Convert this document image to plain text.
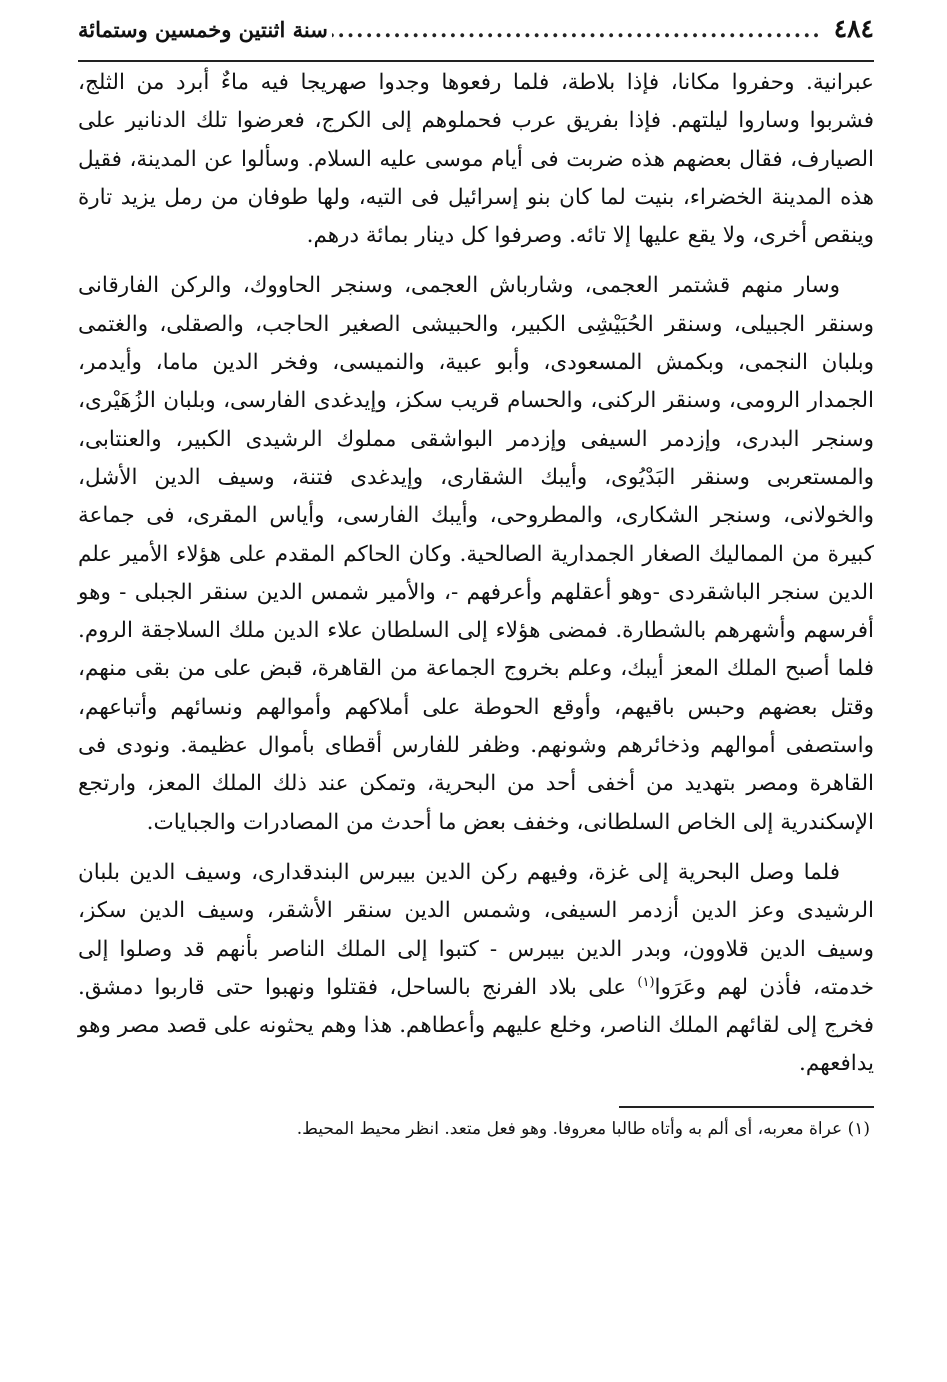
٤٨٤
.....
سنة اثنتين وخمسين وستمائة

عبرانية. وحفروا مكانا، فإذا بلاطة، فلما رفعوها وجدوا صهريجا فيه ماءٌ أبرد من الثلج، فشربوا وساروا ليلتهم. فإذا بفريق عرب فحملوهم إلى الكرج، فعرضوا تلك الدنانير على الصيارف، فقال بعضهم هذه ضربت فى أيام موسى عليه السلام. وسألوا عن المدينة، فقيل هذه المدينة الخضراء، بنيت لما كان بنو إسرائيل فى التيه، ولها طوفان من رمل يزيد تارة وينقص أخرى، ولا يقع عليها إلا تائه. وصرفوا كل دينار بمائة درهم.

وسار منهم قشتمر العجمى، وشارباش العجمى، وسنجر الحاووك، والركن الفارقانى وسنقر الجبيلى، وسنقر الحُبَيْشِى الكبير، والحبيشى الصغير الحاجب، والصقلى، والغتمى وبلبان النجمى، وبكمش المسعودى، وأبو عبية، والنميسى، وفخر الدين ماما، وأيدمر، الجمدار الرومى، وسنقر الركنى، والحسام قريب سكز، وإيدغدى الفارسى، وبلبان الزُهَيْرى، وسنجر البدرى، وإزدمر السيفى وإزدمر البواشقى مملوك الرشيدى الكبير، والعنتابى، والمستعربى وسنقر البَدْيُوى، وأيبك الشقارى، وإيدغدى فتنة، وسيف الدين الأشل، والخولانى، وسنجر الشكارى، والمطروحى، وأيبك الفارسى، وأياس المقرى، فى جماعة كبيرة من المماليك الصغار الجمدارية الصالحية. وكان الحاكم المقدم على هؤلاء الأمير علم الدين سنجر الباشقردى -وهو أعقلهم وأعرفهم -، والأمير شمس الدين سنقر الجبلى - وهو أفرسهم وأشهرهم بالشطارة. فمضى هؤلاء إلى السلطان علاء الدين ملك السلاجقة الروم. فلما أصبح الملك المعز أيبك، وعلم بخروج الجماعة من القاهرة، قبض على من بقى منهم، وقتل بعضهم وحبس باقيهم، وأوقع الحوطة على أملاكهم وأموالهم ونسائهم وأتباعهم، واستصفى أموالهم وذخائرهم وشونهم. وظفر للفارس أقطاى بأموال عظيمة. ونودى فى القاهرة ومصر بتهديد من أخفى أحد من البحرية، وتمكن عند ذلك الملك المعز، وارتجع الإسكندرية إلى الخاص السلطانى، وخفف بعض ما أحدث من المصادرات والجبايات.

فلما وصل البحرية إلى غزة، وفيهم ركن الدين بيبرس البندقدارى، وسيف الدين بلبان الرشيدى وعز الدين أزدمر السيفى، وشمس الدين سنقر الأشقر، وسيف الدين سكز، وسيف الدين قلاوون، وبدر الدين بيبرس - كتبوا إلى الملك الناصر بأنهم قد وصلوا إلى خدمته، فأذن لهم وعَرَوا$^{(١)}$ على بلاد الفرنج بالساحل، فقتلوا ونهبوا حتى قاربوا دمشق. فخرج إلى لقائهم الملك الناصر، وخلع عليهم وأعطاهم. هذا وهم يحثونه على قصد مصر وهو يدافعهم.

(١) عراة معربه، أى ألم به وأتاه طالبا معروفا. وهو فعل متعد. انظر محيط المحيط.
